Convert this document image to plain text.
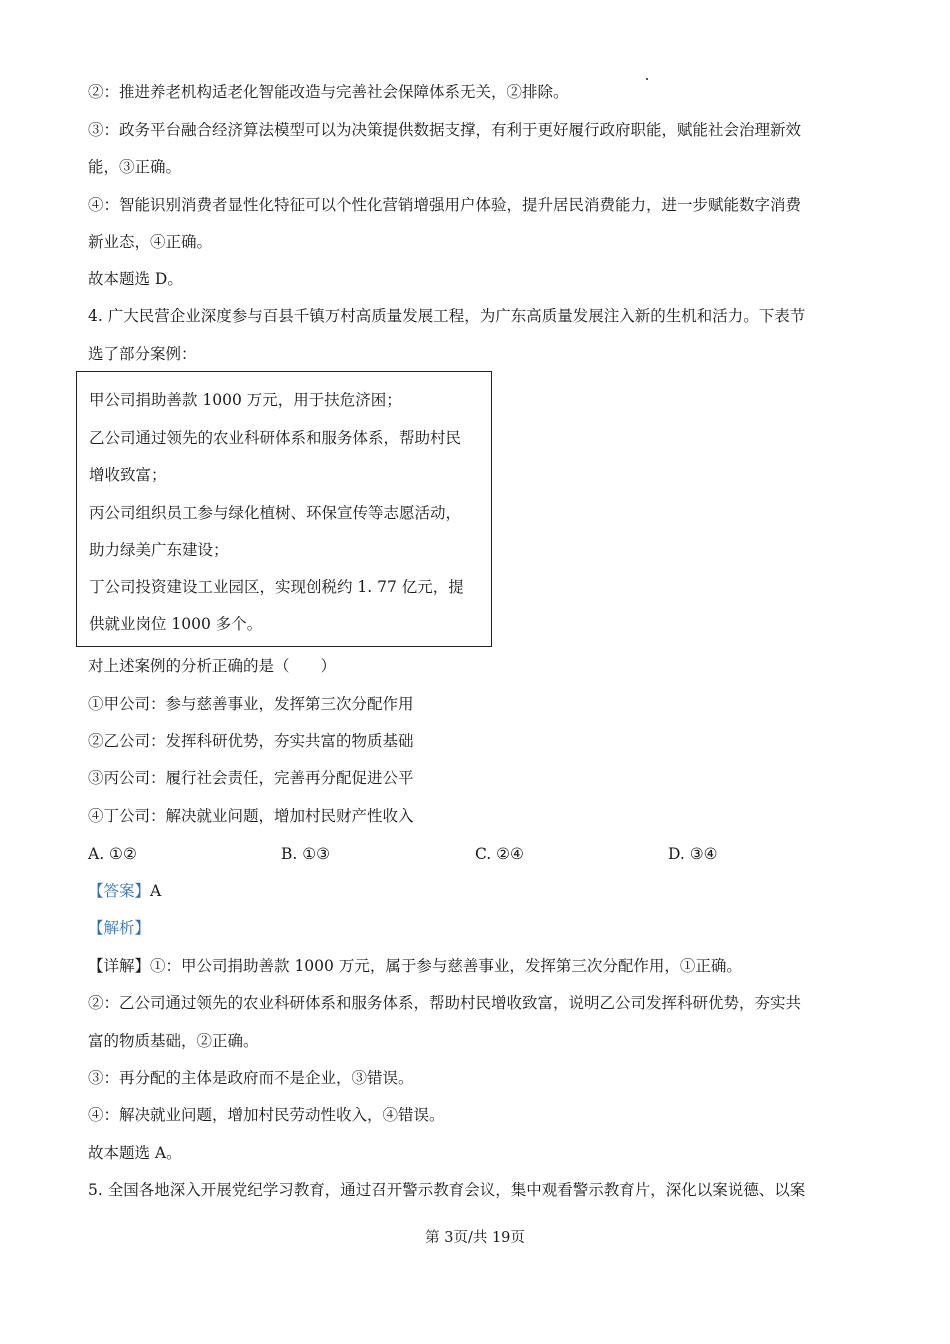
②：推进养老机构适老化智能改造与完善社会保障体系无关，②排除。
③：政务平台融合经济算法模型可以为决策提供数据支撑，有利于更好履行政府职能，赋能社会治理新效
能，③正确。
④：智能识别消费者显性化特征可以个性化营销增强用户体验，提升居民消费能力，进一步赋能数字消费
新业态，④正确。
故本题选 D。
4. 广大民营企业深度参与百县千镇万村高质量发展工程，为广东高质量发展注入新的生机和活力。下表节
选了部分案例：
甲公司捐助善款 1000 万元，用于扶危济困；
乙公司通过领先的农业科研体系和服务体系，帮助村民
增收致富；
丙公司组织员工参与绿化植树、环保宣传等志愿活动，
助力绿美广东建设；
丁公司投资建设工业园区，实现创税约 1. 77 亿元，提
供就业岗位 1000 多个。
对上述案例的分析正确的是（　　）
①甲公司：参与慈善事业，发挥第三次分配作用
②乙公司：发挥科研优势，夯实共富的物质基础
③丙公司：履行社会责任，完善再分配促进公平
④丁公司：解决就业问题，增加村民财产性收入
A. ①②	B. ①③	C. ②④	D. ③④
【答案】A
【解析】
【详解】①：甲公司捐助善款 1000 万元，属于参与慈善事业，发挥第三次分配作用，①正确。
②：乙公司通过领先的农业科研体系和服务体系，帮助村民增收致富，说明乙公司发挥科研优势，夯实共
富的物质基础，②正确。
③：再分配的主体是政府而不是企业，③错误。
④：解决就业问题，增加村民劳动性收入，④错误。
故本题选 A。
5. 全国各地深入开展党纪学习教育，通过召开警示教育会议，集中观看警示教育片，深化以案说德、以案
第 3页/共 19页
